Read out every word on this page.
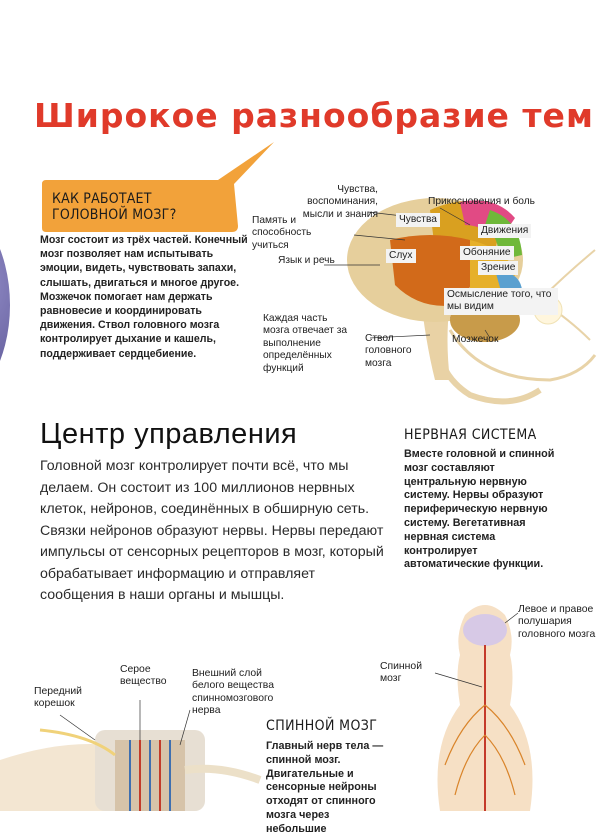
Широкое разнообразие тем
КАК РАБОТАЕТ ГОЛОВНОЙ МОЗГ?
Мозг состоит из трёх частей. Конечный мозг позволяет нам испытывать эмоции, видеть, чувствовать запахи, слышать, двигаться и многое другое. Мозжечок помогает нам держать равновесие и координировать движения. Ствол головного мозга контролирует дыхание и кашель, поддерживает сердцебиение.
Чувства, воспоминания, мысли и знания
Прикосновения и боль
Память и способность учиться
Чувства
Движения
Слух	Обоняние
Язык и речь
Зрение
Осмысление того, что мы видим
Каждая часть мозга отвечает за выполнение определённых функций
Ствол головного мозга
Мозжечок
Центр управления
Головной мозг контролирует почти всё, что мы делаем. Он состоит из 100 миллионов нервных клеток, нейронов, соединённых в обширную сеть. Связки нейронов образуют нервы. Нервы передают импульсы от сенсорных рецепторов в мозг, который обрабатывает информацию и отправляет сообщения в наши органы и мышцы.
НЕРВНАЯ СИСТЕМА
Вместе головной и спинной мозг составляют центральную нервную систему. Нервы образуют периферическую нервную систему. Вегетативная нервная система контролирует автоматические функции.
Левое и правое полушария головного мозга
Спинной мозг
Передний корешок
Серое вещество
Внешний слой белого вещества спинномозгового нерва
СПИННОЙ МОЗГ
Главный нерв тела — спинной мозг. Двигательные и сенсорные нейроны отходят от спинного мозга через небольшие
